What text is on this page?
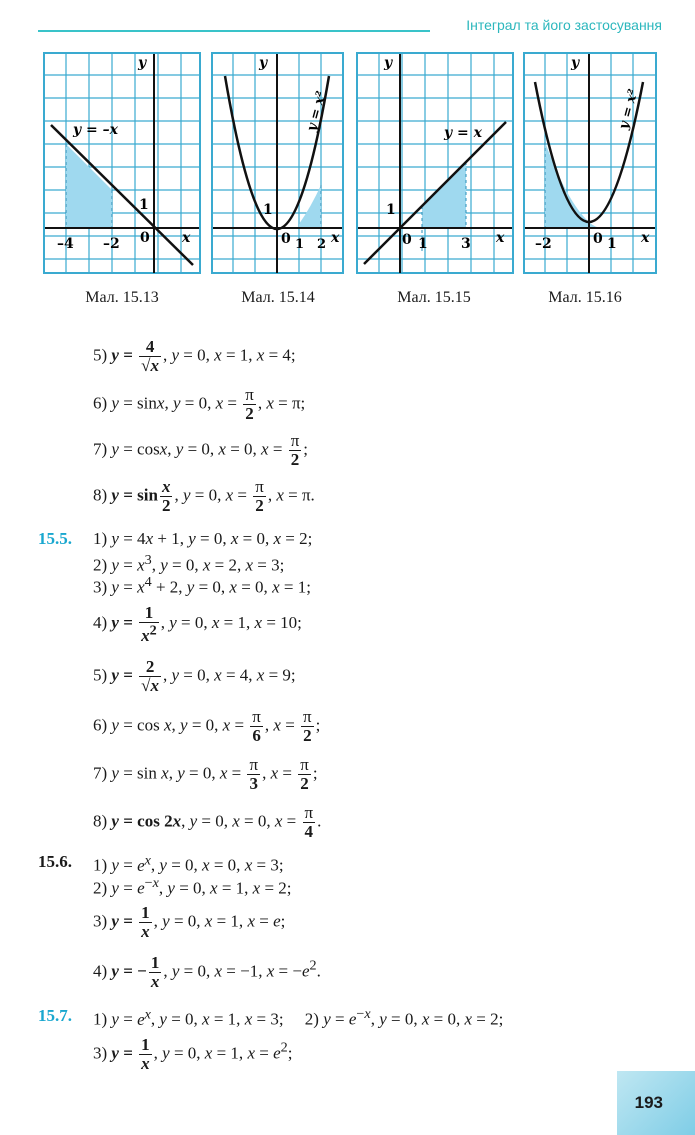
Інтеграл та його застосування
y
y = –x
–4 –2 0
1
x
y
y = x²
1
0 1 2 x
y
y = x
1
0 1 3 x
y
y = x²
–2	0 1 x
Мал. 15.13	Мал. 15.14	Мал. 15.15	Мал. 15.16
5) $y = \frac{4}{√x}$ , y = 0, x = 1, x = 4;
6) y = sinx, y = 0, $x = \frac{\pi}{2}$ , x = π;
7) y = cosx, y = 0, x = 0, $x = \frac{\pi}{2}$ ;
8) $y = \sin \frac{x}{2}$ , y = 0, $x = \frac{\pi}{2}$ , x = π.
15.5. 1) y = 4x + 1, y = 0, x = 0, x = 2;
2) $y = x^3$, y = 0, x = 2, x = 3;
3) $y = x^4 + 2$, y = 0, x = 0, x = 1;
4) $y = \frac{1}{x^2}$ , y = 0, x = 1, x = 10;
5) $y = \frac{2}{√x}$ , y = 0, x = 4, x = 9;
6) y = cos x, y = 0, $x = \frac{\pi}{6}$ , $x = \frac{\pi}{2}$ ;
7) y = sin x, y = 0, $x = \frac{\pi}{3}$ , $x = \frac{\pi}{2}$ ;
8) y = cos 2x, y = 0, x = 0, $x = \frac{\pi}{4}$ .
15.6. 1) $y = e^x$, y = 0, x = 0, x = 3;
2) $y = e^{-x}$, y = 0, x = 1, x = 2;
3) $y = \frac{1}{x}$ , y = 0, x = 1, x = e;
4) y = − $\frac{1}{x}$ , y = 0, x = −1, $x = -e^2$.
15.7. 1) $y = e^x$, y = 0, x = 1, x = 3;     2) $y = e^{-x}$, y = 0, x = 0, x = 2;
3) $y = \frac{1}{x}$ , y = 0, x = 1, $x = e^2$;
193
